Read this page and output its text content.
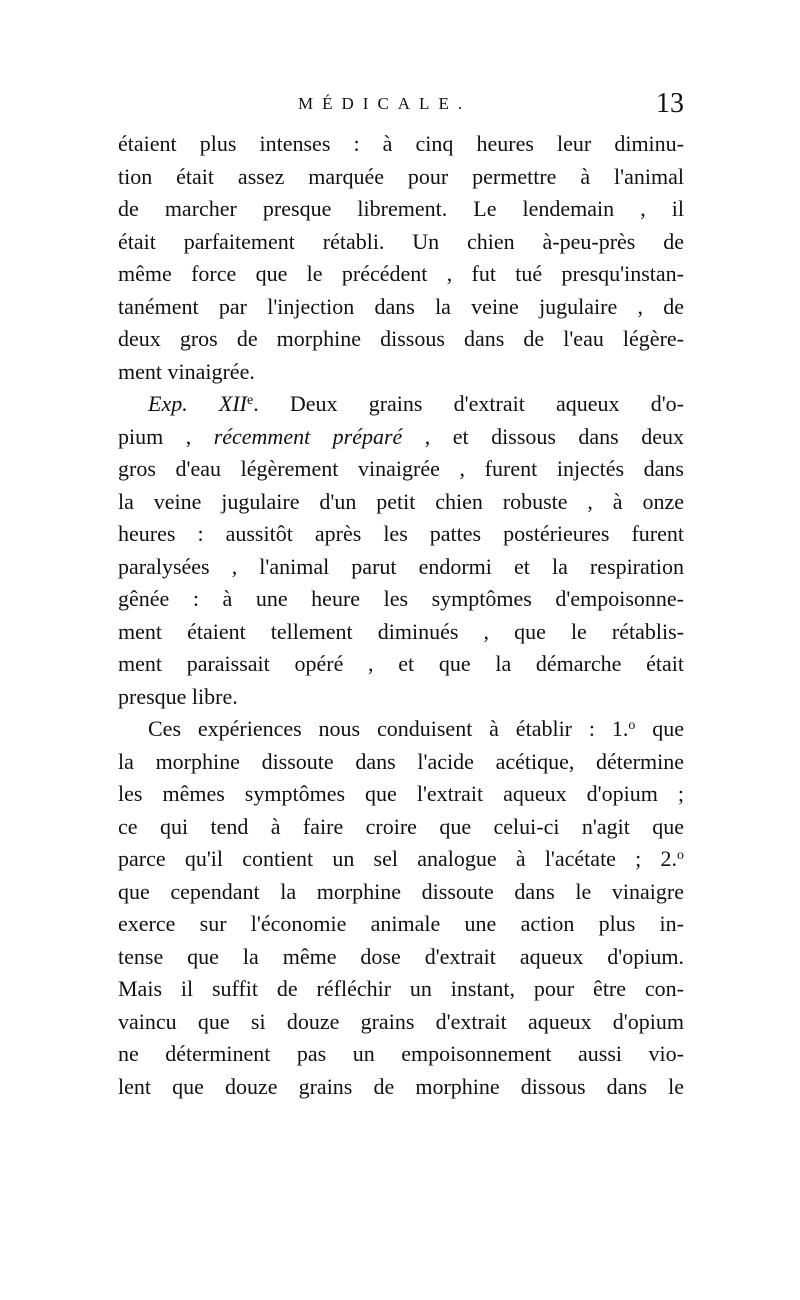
MÉDICALE.	13
étaient plus intenses : à cinq heures leur diminu-
tion était assez marquée pour permettre à l'animal
de marcher presque librement. Le lendemain , il
était parfaitement rétabli. Un chien à-peu-près de
même force que le précédent , fut tué presqu'instan-
tanément par l'injection dans la veine jugulaire , de
deux gros de morphine dissous dans de l'eau légère-
ment vinaigrée.
Exp. XIIe. Deux grains d'extrait aqueux d'o-
pium , récemment préparé , et dissous dans deux
gros d'eau légèrement vinaigrée , furent injectés dans
la veine jugulaire d'un petit chien robuste , à onze
heures : aussitôt après les pattes postérieures furent
paralysées , l'animal parut endormi et la respiration
gênée : à une heure les symptômes d'empoisonne-
ment étaient tellement diminués , que le rétablis-
ment paraissait opéré , et que la démarche était
presque libre.
Ces expériences nous conduisent à établir : 1.$^o$ que
la morphine dissoute dans l'acide acétique, détermine
les mêmes symptômes que l'extrait aqueux d'opium ;
ce qui tend à faire croire que celui-ci n'agit que
parce qu'il contient un sel analogue à l'acétate ; 2.$^o$
que cependant la morphine dissoute dans le vinaigre
exerce sur l'économie animale une action plus in-
tense que la même dose d'extrait aqueux d'opium.
Mais il suffit de réfléchir un instant, pour être con-
vaincu que si douze grains d'extrait aqueux d'opium
ne déterminent pas un empoisonnement aussi vio-
lent que douze grains de morphine dissous dans le
